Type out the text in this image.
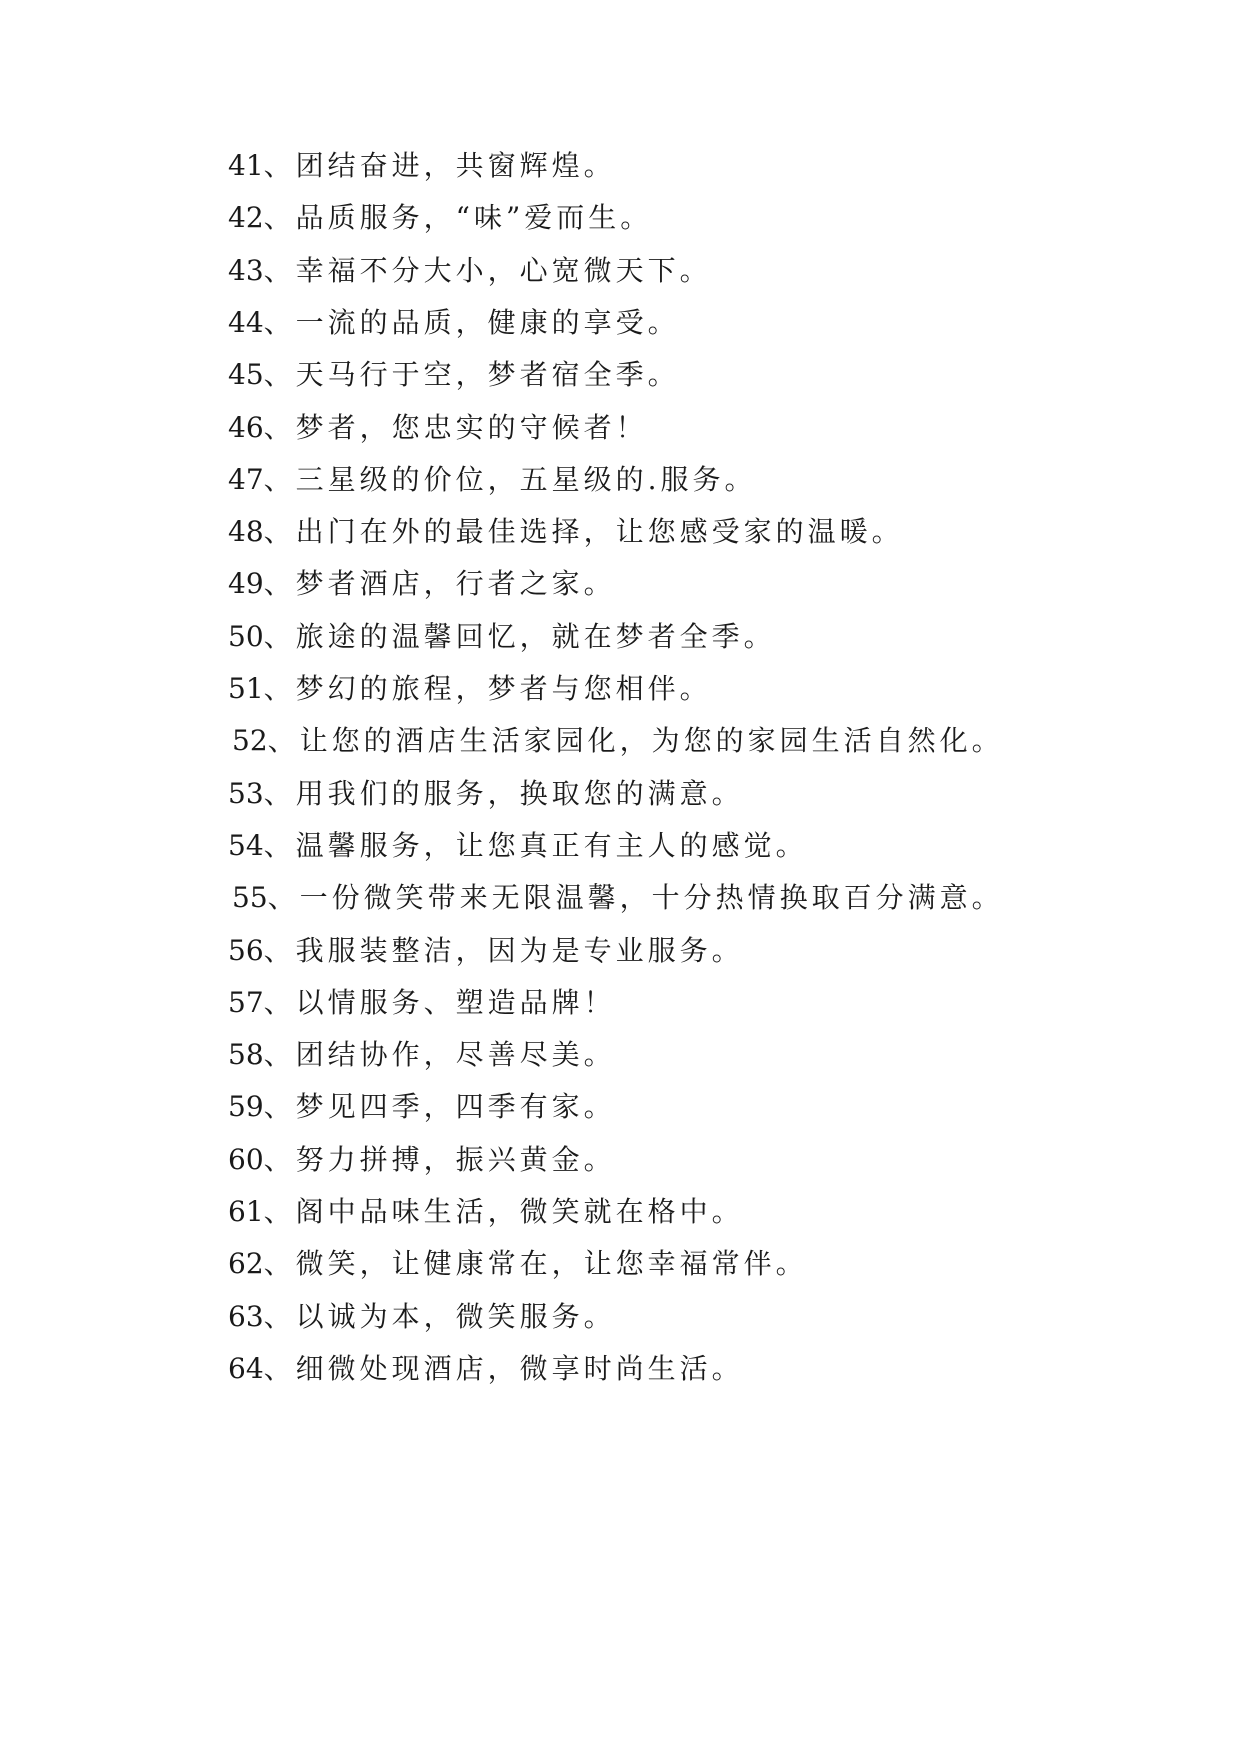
41、团结奋进，共窗辉煌。
42、品质服务，“味”爱而生。
43、幸福不分大小，心宽微天下。
44、一流的品质，健康的享受。
45、天马行于空，梦者宿全季。
46、梦者，您忠实的守候者！
47、三星级的价位，五星级的.服务。
48、出门在外的最佳选择，让您感受家的温暖。
49、梦者酒店，行者之家。
50、旅途的温馨回忆，就在梦者全季。
51、梦幻的旅程，梦者与您相伴。
52、让您的酒店生活家园化，为您的家园生活自然化。
53、用我们的服务，换取您的满意。
54、温馨服务，让您真正有主人的感觉。
55、一份微笑带来无限温馨，十分热情换取百分满意。
56、我服装整洁，因为是专业服务。
57、以情服务、塑造品牌！
58、团结协作，尽善尽美。
59、梦见四季，四季有家。
60、努力拼搏，振兴黄金。
61、阁中品味生活，微笑就在格中。
62、微笑，让健康常在，让您幸福常伴。
63、以诚为本，微笑服务。
64、细微处现酒店，微享时尚生活。
